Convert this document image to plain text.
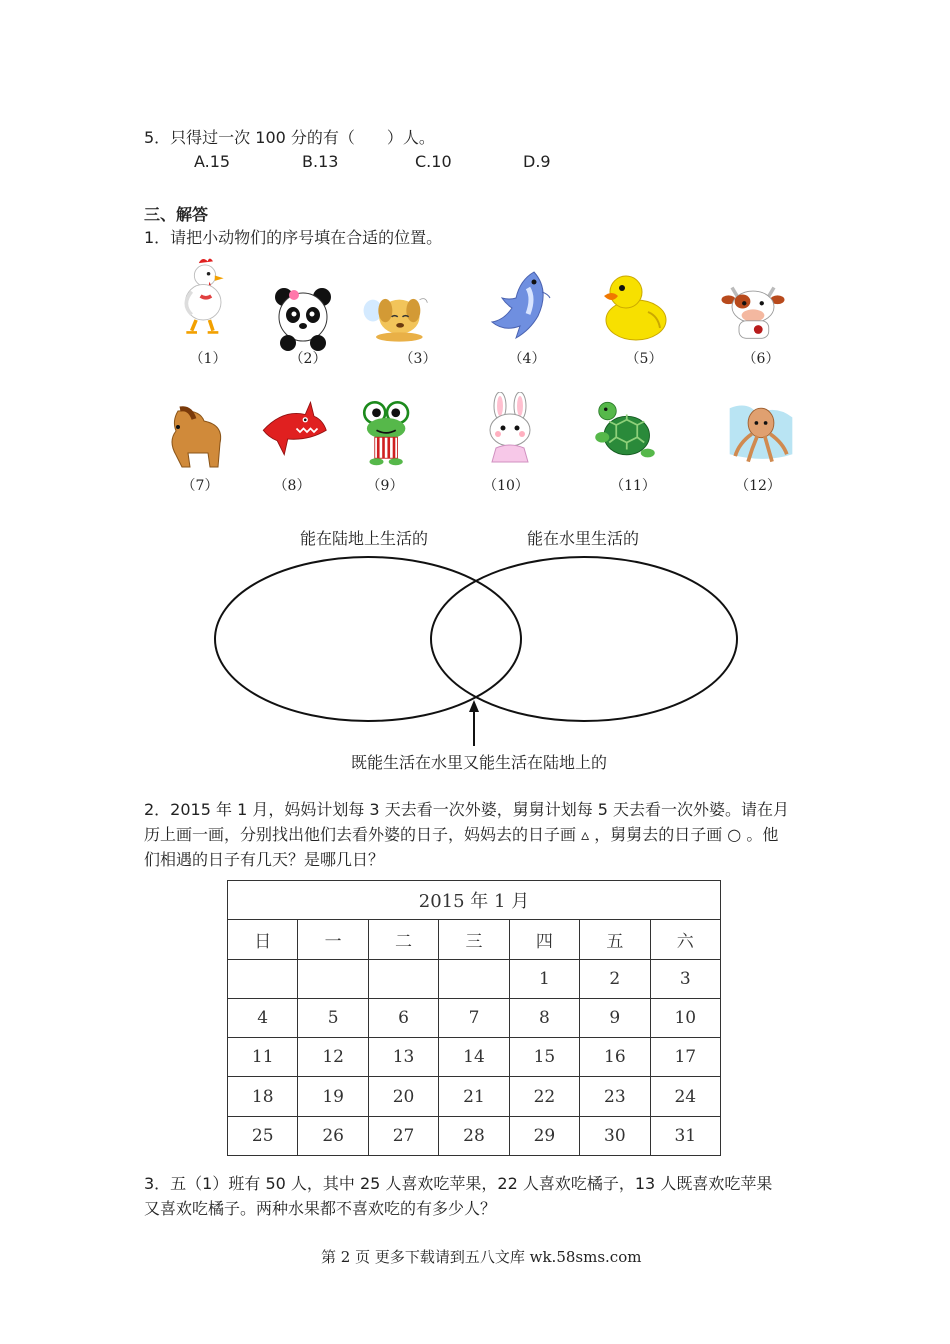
5．只得过一次 100 分的有（　　）人。
A.15	B.13	C.10	D.9
三、解答
1．请把小动物们的序号填在合适的位置。
（1）	（2）	（3）	（4）	（5）	（6）
（7）	（8）	（9）	（10）	（11）	（12）
能在陆地上生活的	能在水里生活的
既能生活在水里又能生活在陆地上的
2．2015 年 1 月，妈妈计划每 3 天去看一次外婆，舅舅计划每 5 天去看一次外婆。请在月
历上画一画，分别找出他们去看外婆的日子，妈妈去的日子画 ▵ ，舅舅去的日子画 ○ 。他
们相遇的日子有几天？是哪几日？
2015 年 1 月						
日	一	二	三	四	五	六
				1	2	3
4	5	6	7	8	9	10
11	12	13	14	15	16	17
18	19	20	21	22	23	24
25	26	27	28	29	30	31
3．五（1）班有 50 人，其中 25 人喜欢吃苹果，22 人喜欢吃橘子，13 人既喜欢吃苹果
又喜欢吃橘子。两种水果都不喜欢吃的有多少人？
第 2 页 更多下载请到五八文库 wk.58sms.com
